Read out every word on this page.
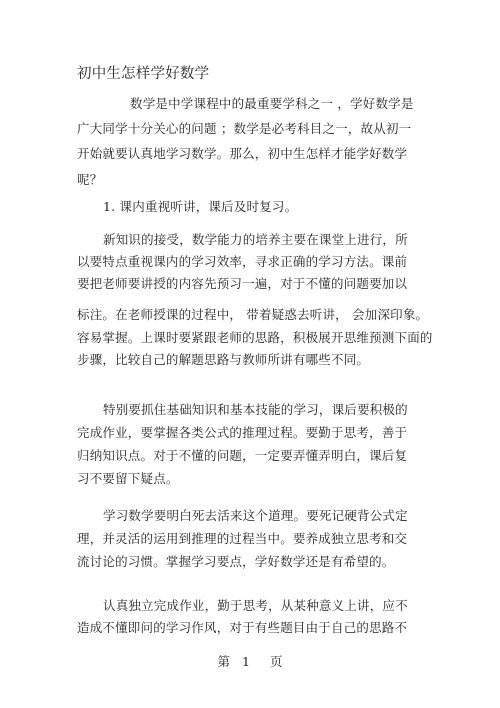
初中生怎样学好数学
数学是中学课程中的最重要学科之一 ，学好数学是
广大同学十分关心的问题 ；数学是必考科目之一，故从初一
开始就要认真地学习数学。那么，初中生怎样才能学好数学
呢？
1. 课内重视听讲，课后及时复习。
新知识的接受，数学能力的培养主要在课堂上进行，所
以要特点重视课内的学习效率，寻求正确的学习方法。课前
要把老师要讲授的内容先预习一遍，对于不懂的问题要加以
标注。在老师授课的过程中， 带着疑惑去听讲， 会加深印象。
容易掌握。上课时要紧跟老师的思路，积极展开思维预测下面的
步骤，比较自己的解题思路与教师所讲有哪些不同。
特别要抓住基础知识和基本技能的学习，课后要积极的
完成作业，要掌握各类公式的推理过程。要勤于思考，善于
归纳知识点。对于不懂的问题，一定要弄懂弄明白，课后复
习不要留下疑点。
学习数学要明白死去活来这个道理。要死记硬背公式定
理，并灵活的运用到推理的过程当中。要养成独立思考和交
流讨论的习惯。掌握学习要点，学好数学还是有希望的。
认真独立完成作业，勤于思考，从某种意义上讲，应不
造成不懂即问的学习作风，对于有些题目由于自己的思路不
第 1 页
